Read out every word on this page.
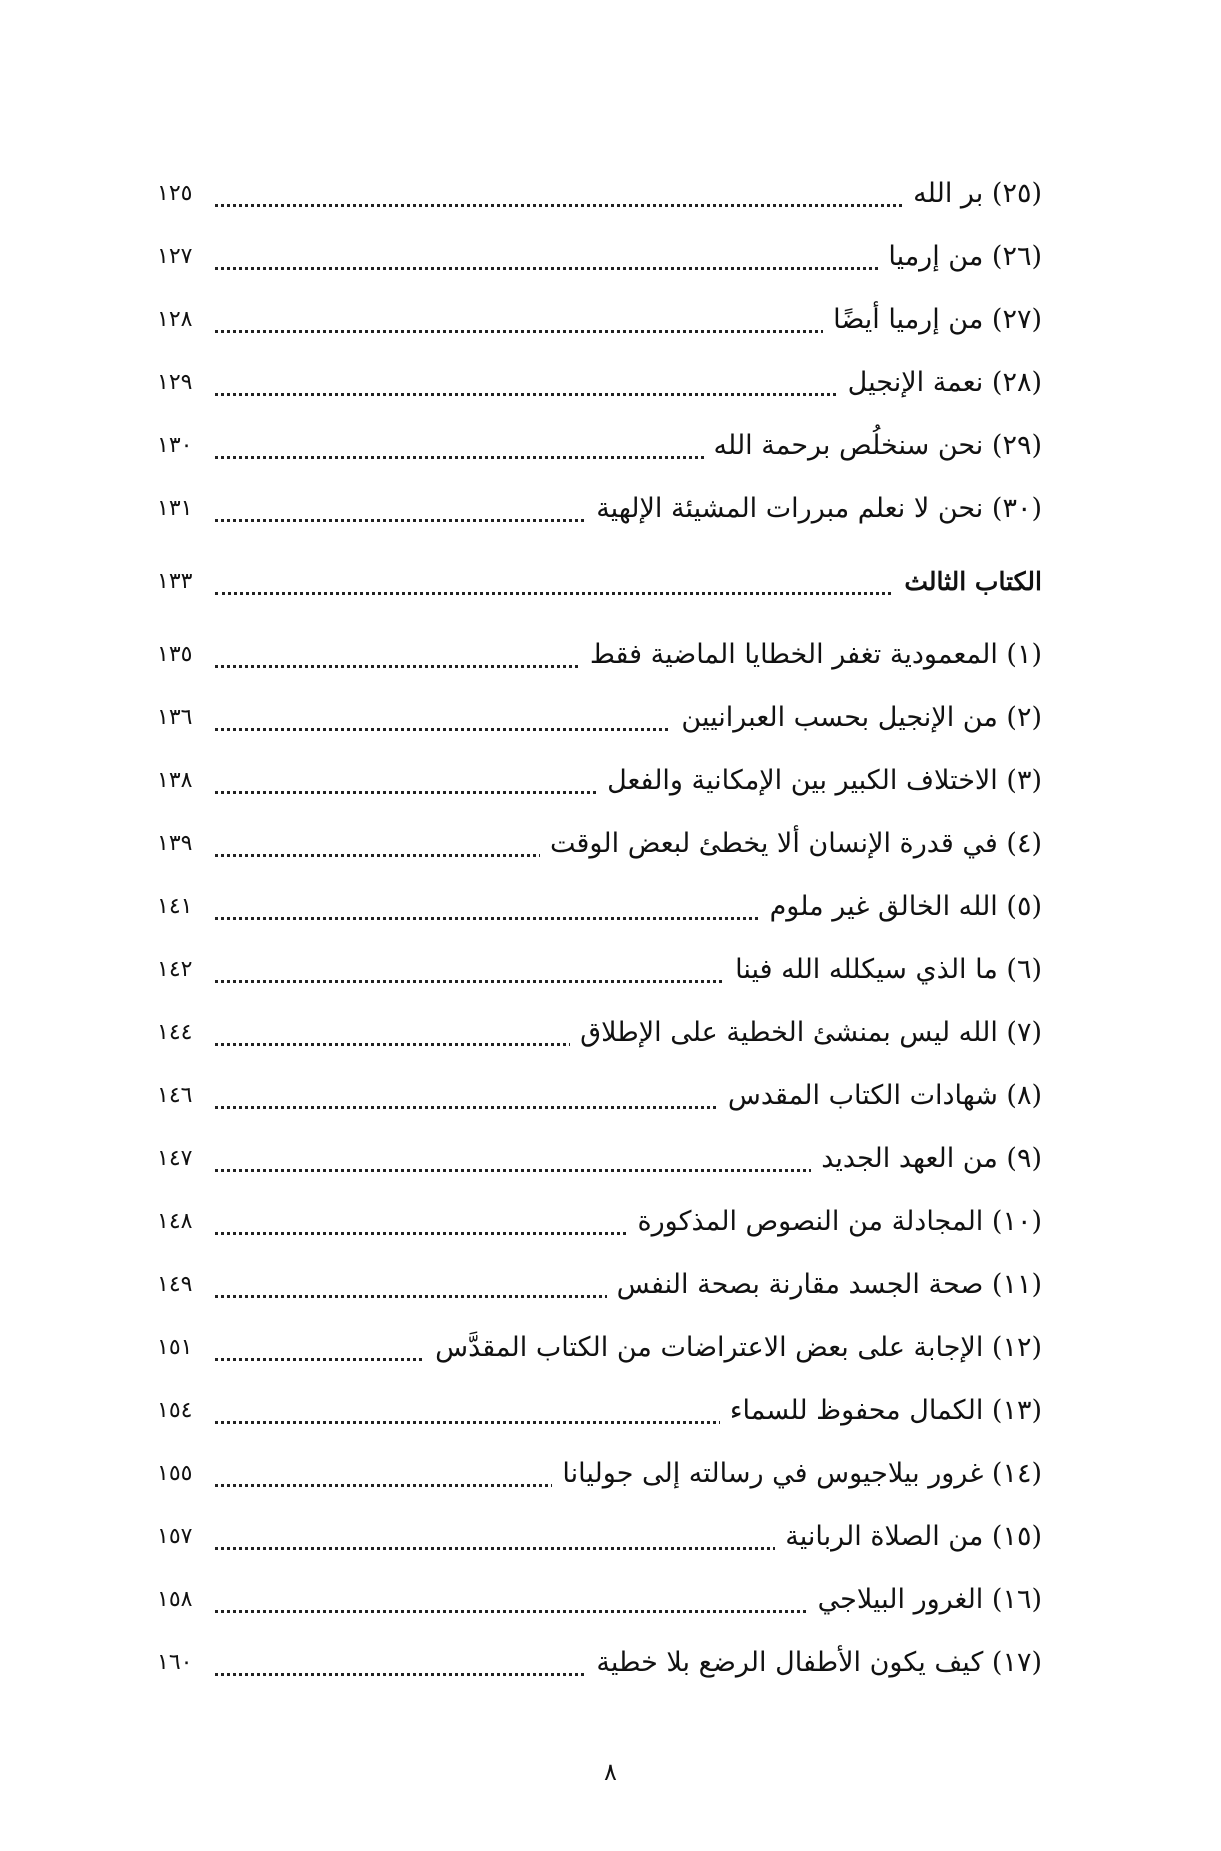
(٢٥) بر الله
١٢٥
(٢٦) من إرميا
١٢٧
(٢٧) من إرميا أيضًا
١٢٨
(٢٨) نعمة الإنجيل
١٢٩
(٢٩) نحن سنخلُص برحمة الله
١٣٠
(٣٠) نحن لا نعلم مبررات المشيئة الإلهية
١٣١
الكتاب الثالث
١٣٣
(١) المعمودية تغفر الخطايا الماضية فقط
١٣٥
(٢) من الإنجيل بحسب العبرانيين
١٣٦
(٣) الاختلاف الكبير بين الإمكانية والفعل
١٣٨
(٤) في قدرة الإنسان ألا يخطئ لبعض الوقت
١٣٩
(٥) الله الخالق غير ملوم
١٤١
(٦) ما الذي سيكلله الله فينا
١٤٢
(٧) الله ليس بمنشئ الخطية على الإطلاق
١٤٤
(٨) شهادات الكتاب المقدس
١٤٦
(٩) من العهد الجديد
١٤٧
(١٠) المجادلة من النصوص المذكورة
١٤٨
(١١) صحة الجسد مقارنة بصحة النفس
١٤٩
(١٢) الإجابة على بعض الاعتراضات من الكتاب المقدَّس
١٥١
(١٣) الكمال محفوظ للسماء
١٥٤
(١٤) غرور بيلاجيوس في رسالته إلى جوليانا
١٥٥
(١٥) من الصلاة الربانية
١٥٧
(١٦) الغرور البيلاجي
١٥٨
(١٧) كيف يكون الأطفال الرضع بلا خطية
١٦٠
٨
